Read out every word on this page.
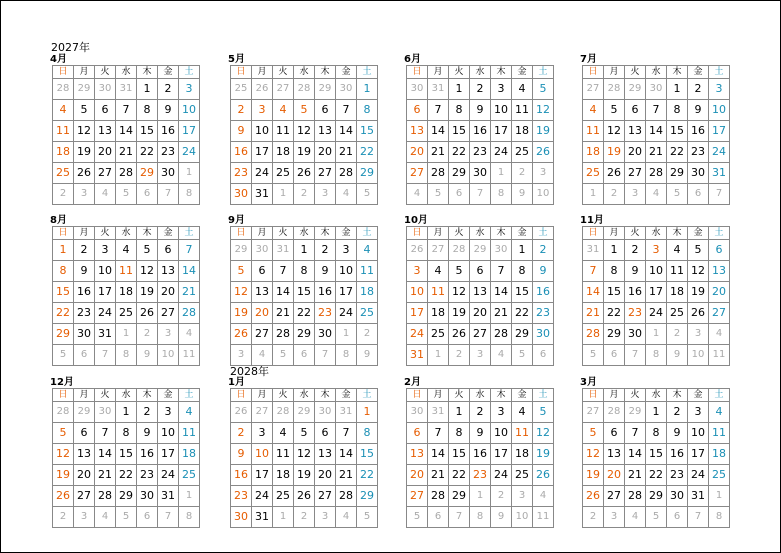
2027年
2028年
4月
日	月	火	水	木	金	土
28	29	30	31	1	2	3
4	5	6	7	8	9	10
11	12	13	14	15	16	17
18	19	20	21	22	23	24
25	26	27	28	29	30	1
2	3	4	5	6	7	8
5月
日	月	火	水	木	金	土
25	26	27	28	29	30	1
2	3	4	5	6	7	8
9	10	11	12	13	14	15
16	17	18	19	20	21	22
23	24	25	26	27	28	29
30	31	1	2	3	4	5
6月
日	月	火	水	木	金	土
30	31	1	2	3	4	5
6	7	8	9	10	11	12
13	14	15	16	17	18	19
20	21	22	23	24	25	26
27	28	29	30	1	2	3
4	5	6	7	8	9	10
7月
日	月	火	水	木	金	土
27	28	29	30	1	2	3
4	5	6	7	8	9	10
11	12	13	14	15	16	17
18	19	20	21	22	23	24
25	26	27	28	29	30	31
1	2	3	4	5	6	7
8月
日	月	火	水	木	金	土
1	2	3	4	5	6	7
8	9	10	11	12	13	14
15	16	17	18	19	20	21
22	23	24	25	26	27	28
29	30	31	1	2	3	4
5	6	7	8	9	10	11
9月
日	月	火	水	木	金	土
29	30	31	1	2	3	4
5	6	7	8	9	10	11
12	13	14	15	16	17	18
19	20	21	22	23	24	25
26	27	28	29	30	1	2
3	4	5	6	7	8	9
10月
日	月	火	水	木	金	土
26	27	28	29	30	1	2
3	4	5	6	7	8	9
10	11	12	13	14	15	16
17	18	19	20	21	22	23
24	25	26	27	28	29	30
31	1	2	3	4	5	6
11月
日	月	火	水	木	金	土
31	1	2	3	4	5	6
7	8	9	10	11	12	13
14	15	16	17	18	19	20
21	22	23	24	25	26	27
28	29	30	1	2	3	4
5	6	7	8	9	10	11
12月
日	月	火	水	木	金	土
28	29	30	1	2	3	4
5	6	7	8	9	10	11
12	13	14	15	16	17	18
19	20	21	22	23	24	25
26	27	28	29	30	31	1
2	3	4	5	6	7	8
1月
日	月	火	水	木	金	土
26	27	28	29	30	31	1
2	3	4	5	6	7	8
9	10	11	12	13	14	15
16	17	18	19	20	21	22
23	24	25	26	27	28	29
30	31	1	2	3	4	5
2月
日	月	火	水	木	金	土
30	31	1	2	3	4	5
6	7	8	9	10	11	12
13	14	15	16	17	18	19
20	21	22	23	24	25	26
27	28	29	1	2	3	4
5	6	7	8	9	10	11
3月
日	月	火	水	木	金	土
27	28	29	1	2	3	4
5	6	7	8	9	10	11
12	13	14	15	16	17	18
19	20	21	22	23	24	25
26	27	28	29	30	31	1
2	3	4	5	6	7	8
